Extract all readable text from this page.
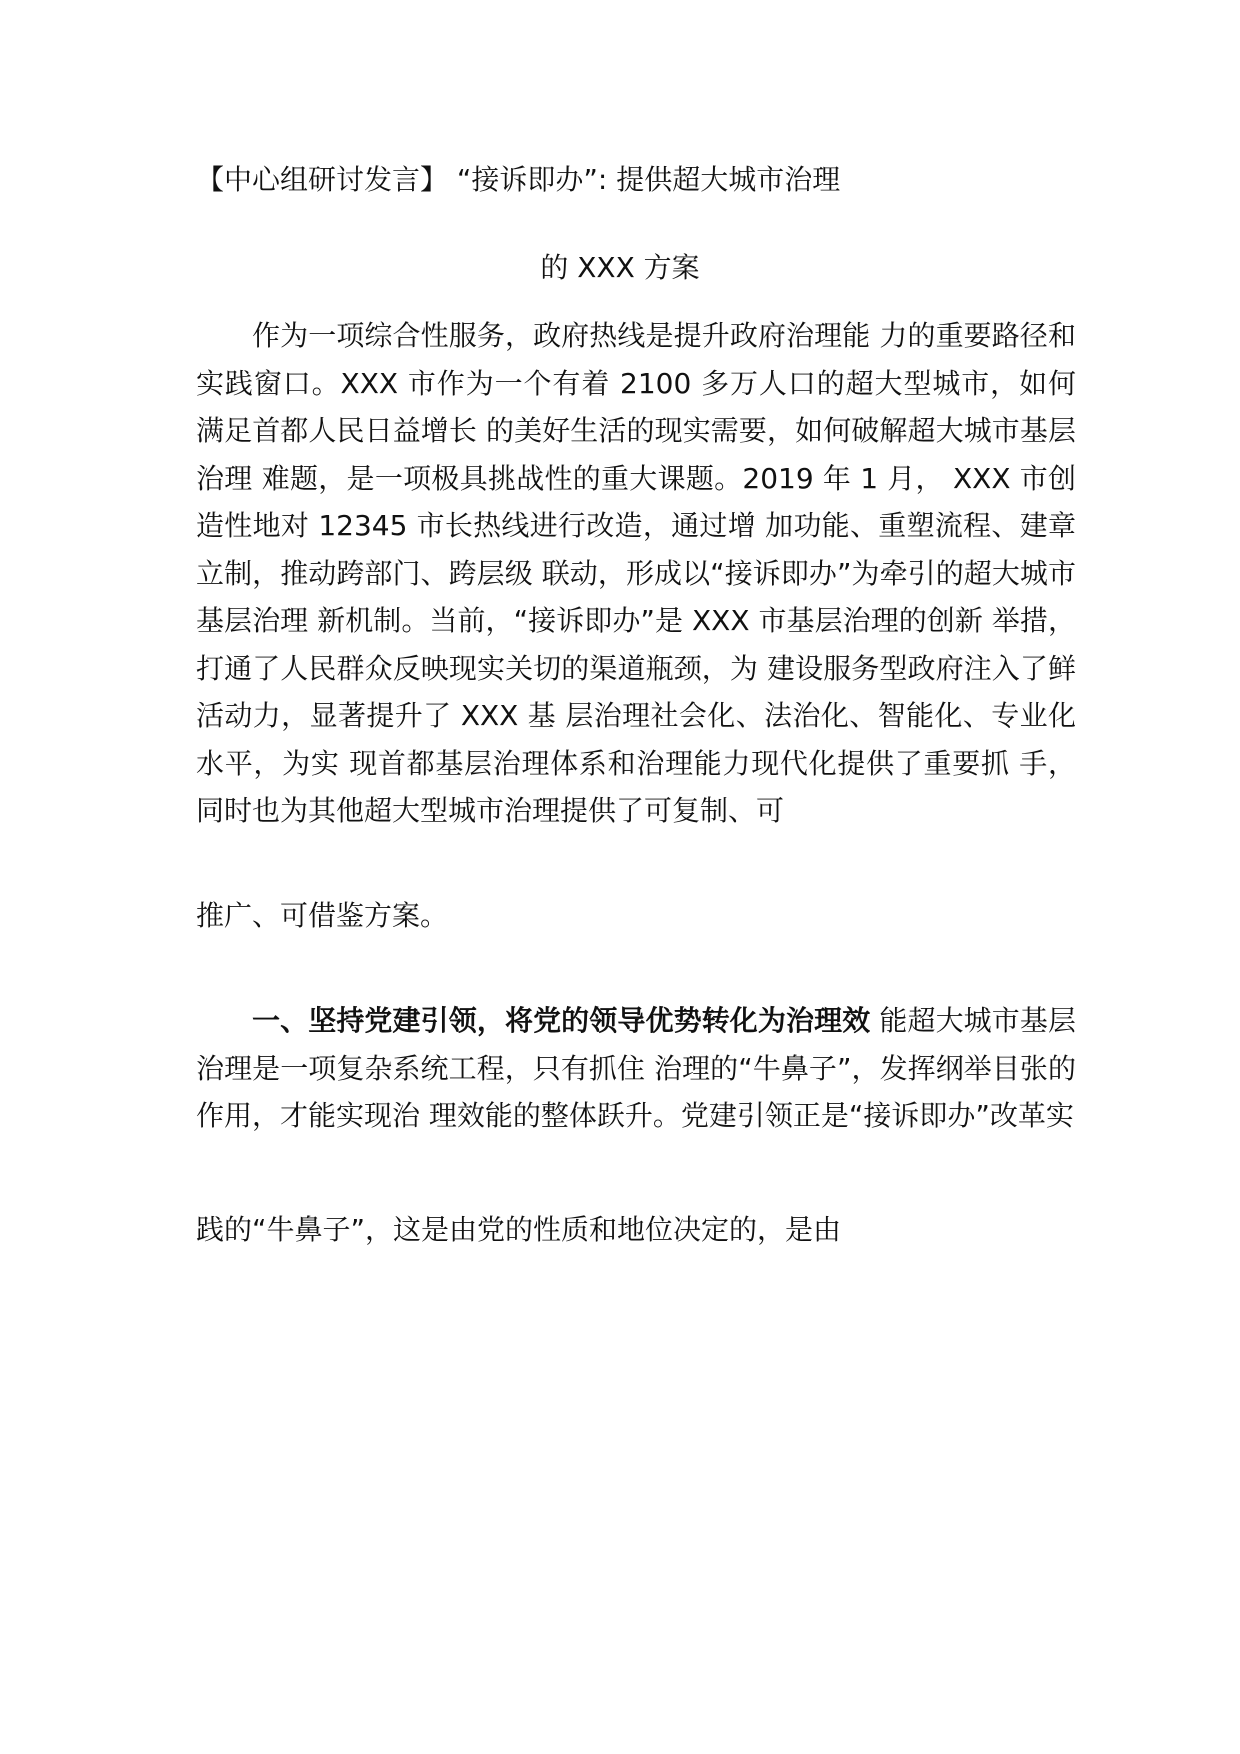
【中心组研讨发言】 “接诉即办”: 提供超大城市治理
的 XXX 方案

作为一项综合性服务，政府热线是提升政府治理能 力的重要路径和实践窗口。XXX 市作为一个有着 2100 多万人口的超大型城市，如何满足首都人民日益增长 的美好生活的现实需要，如何破解超大城市基层治理 难题，是一项极具挑战性的重大课题。2019 年 1 月， XXX 市创造性地对 12345 市长热线进行改造，通过增 加功能、重塑流程、建章立制，推动跨部门、跨层级 联动，形成以“接诉即办”为牵引的超大城市基层治理 新机制。当前，“接诉即办”是 XXX 市基层治理的创新 举措，打通了人民群众反映现实关切的渠道瓶颈，为 建设服务型政府注入了鲜活动力，显著提升了 XXX 基 层治理社会化、法治化、智能化、专业化水平，为实 现首都基层治理体系和治理能力现代化提供了重要抓 手，同时也为其他超大型城市治理提供了可复制、可

推广、可借鉴方案。

一、坚持党建引领，将党的领导优势转化为治理效 能超大城市基层治理是一项复杂系统工程，只有抓住 治理的“牛鼻子”，发挥纲举目张的作用，才能实现治 理效能的整体跃升。党建引领正是“接诉即办”改革实

践的“牛鼻子”，这是由党的性质和地位决定的，是由
